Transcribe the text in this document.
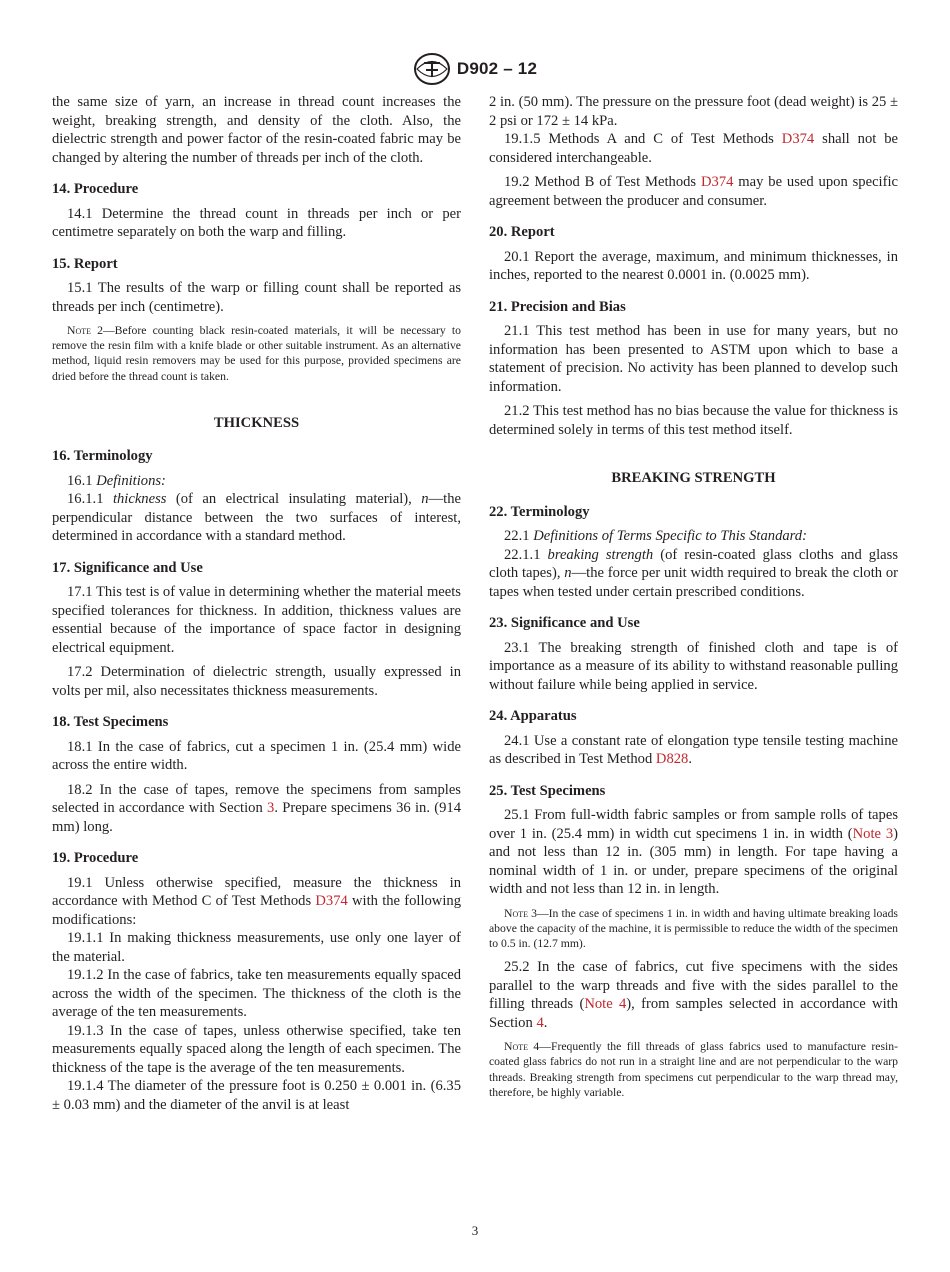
D902 – 12

the same size of yarn, an increase in thread count increases the weight, breaking strength, and density of the cloth. Also, the dielectric strength and power factor of the resin-coated fabric may be changed by altering the number of threads per inch of the cloth.

14. Procedure

14.1 Determine the thread count in threads per inch or per centimetre separately on both the warp and filling.

15. Report

15.1 The results of the warp or filling count shall be reported as threads per inch (centimetre).

Note 2—Before counting black resin-coated materials, it will be necessary to remove the resin film with a knife blade or other suitable instrument. As an alternative method, liquid resin removers may be used for this purpose, provided specimens are dried before the thread count is taken.
THICKNESS
16. Terminology

16.1 Definitions:

16.1.1 thickness (of an electrical insulating material), n—the perpendicular distance between the two surfaces of interest, determined in accordance with a standard method.

17. Significance and Use

17.1 This test is of value in determining whether the material meets specified tolerances for thickness. In addition, thickness values are essential because of the importance of space factor in designing electrical equipment.

17.2 Determination of dielectric strength, usually expressed in volts per mil, also necessitates thickness measurements.

18. Test Specimens

18.1 In the case of fabrics, cut a specimen 1 in. (25.4 mm) wide across the entire width.

18.2 In the case of tapes, remove the specimens from samples selected in accordance with Section 3. Prepare specimens 36 in. (914 mm) long.

19. Procedure

19.1 Unless otherwise specified, measure the thickness in accordance with Method C of Test Methods D374 with the following modifications:

19.1.1 In making thickness measurements, use only one layer of the material.

19.1.2 In the case of fabrics, take ten measurements equally spaced across the width of the specimen. The thickness of the cloth is the average of the ten measurements.

19.1.3 In the case of tapes, unless otherwise specified, take ten measurements equally spaced along the length of each specimen. The thickness of the tape is the average of the ten measurements.

19.1.4 The diameter of the pressure foot is 0.250 ± 0.001 in. (6.35 ± 0.03 mm) and the diameter of the anvil is at least

2 in. (50 mm). The pressure on the pressure foot (dead weight) is 25 ± 2 psi or 172 ± 14 kPa.

19.1.5 Methods A and C of Test Methods D374 shall not be considered interchangeable.

19.2 Method B of Test Methods D374 may be used upon specific agreement between the producer and consumer.

20. Report

20.1 Report the average, maximum, and minimum thicknesses, in inches, reported to the nearest 0.0001 in. (0.0025 mm).

21. Precision and Bias

21.1 This test method has been in use for many years, but no information has been presented to ASTM upon which to base a statement of precision. No activity has been planned to develop such information.

21.2 This test method has no bias because the value for thickness is determined solely in terms of this test method itself.

BREAKING STRENGTH
22. Terminology

22.1 Definitions of Terms Specific to This Standard:

22.1.1 breaking strength (of resin-coated glass cloths and glass cloth tapes), n—the force per unit width required to break the cloth or tapes when tested under certain prescribed conditions.

23. Significance and Use

23.1 The breaking strength of finished cloth and tape is of importance as a measure of its ability to withstand reasonable pulling without failure while being applied in service.

24. Apparatus

24.1 Use a constant rate of elongation type tensile testing machine as described in Test Method D828.

25. Test Specimens

25.1 From full-width fabric samples or from sample rolls of tapes over 1 in. (25.4 mm) in width cut specimens 1 in. in width (Note 3) and not less than 12 in. (305 mm) in length. For tape having a nominal width of 1 in. or under, prepare specimens of the original width and not less than 12 in. in length.

Note 3—In the case of specimens 1 in. in width and having ultimate breaking loads above the capacity of the machine, it is permissible to reduce the width of the specimen to 0.5 in. (12.7 mm).

25.2 In the case of fabrics, cut five specimens with the sides parallel to the warp threads and five with the sides parallel to the filling threads (Note 4), from samples selected in accordance with Section 4.

Note 4—Frequently the fill threads of glass fabrics used to manufacture resin-coated glass fabrics do not run in a straight line and are not perpendicular to the warp threads. Breaking strength from specimens cut perpendicular to the warp thread may, therefore, be highly variable.
3
